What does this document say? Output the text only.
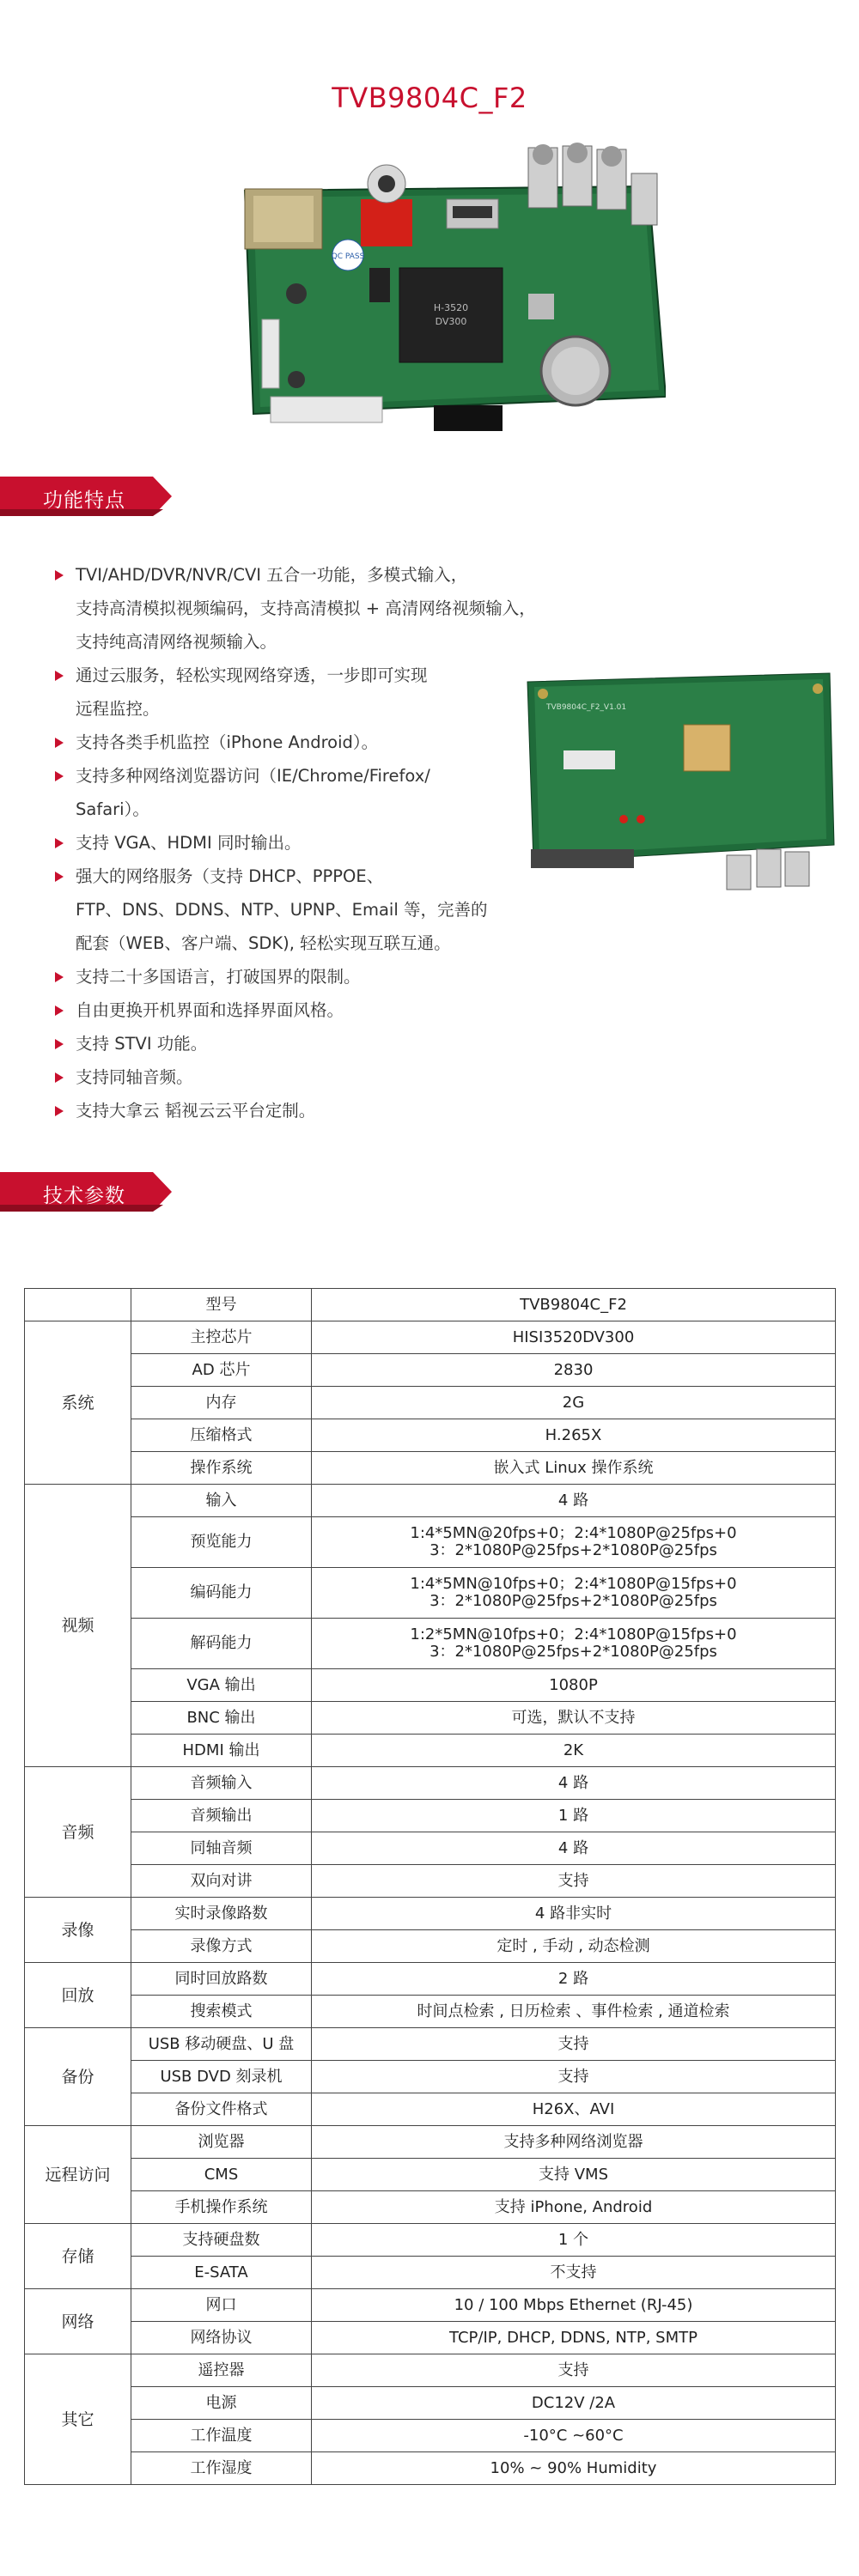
TVB9804C_F2
QC PASS
H-3520
DV300
功能特点
TVI/AHD/DVR/NVR/CVI 五合一功能，多模式输入，
支持高清模拟视频编码，支持高清模拟 + 高清网络视频输入，
支持纯高清网络视频输入。
通过云服务，轻松实现网络穿透，一步即可实现
远程监控。
支持各类手机监控（iPhone Android）。
支持多种网络浏览器访问（IE/Chrome/Firefox/
Safari）。
支持 VGA、HDMI 同时输出。
强大的网络服务（支持 DHCP、PPPOE、
FTP、DNS、DDNS、NTP、UPNP、Email 等，完善的
配套（WEB、客户端、SDK), 轻松实现互联互通。
支持二十多国语言，打破国界的限制。
自由更换开机界面和选择界面风格。
支持 STVI 功能。
支持同轴音频。
支持大拿云 韬视云云平台定制。
TVB9804C_F2_V1.01
技术参数
	型号	TVB9804C_F2
系统	主控芯片	HISI3520DV300

	AD 芯片	2830

	内存	2G

	压缩格式	H.265X

	操作系统	嵌入式 Linux 操作系统

视频	输入	4 路

	预览能力	1:4*5MN@20fps+0；2:4*1080P@25fps+0
3：2*1080P@25fps+2*1080P@25fps

	编码能力	1:4*5MN@10fps+0；2:4*1080P@15fps+0
3：2*1080P@25fps+2*1080P@25fps

	解码能力	1:2*5MN@10fps+0；2:4*1080P@15fps+0
3：2*1080P@25fps+2*1080P@25fps

	VGA 输出	1080P

	BNC 输出	可选，默认不支持

	HDMI 输出	2K

音频	音频输入	4 路

	音频输出	1 路

	同轴音频	4 路

	双向对讲	支持

录像	实时录像路数	4 路非实时

	录像方式	定时 , 手动 , 动态检测

回放	同时回放路数	2 路

	搜索模式	时间点检索 , 日历检索 、事件检索 , 通道检索

备份	USB 移动硬盘、U 盘	支持

	USB DVD 刻录机	支持

	备份文件格式	H26X、AVI

远程访问	浏览器	支持多种网络浏览器

	CMS	支持 VMS

	手机操作系统	支持 iPhone, Android

存储	支持硬盘数	1 个

	E-SATA	不支持

网络	网口	10 / 100 Mbps Ethernet (RJ-45)

	网络协议	TCP/IP, DHCP, DDNS, NTP, SMTP

其它	遥控器	支持

	电源	DC12V /2A

	工作温度	-10°C ~60°C

	工作湿度	10% ~ 90% Humidity
